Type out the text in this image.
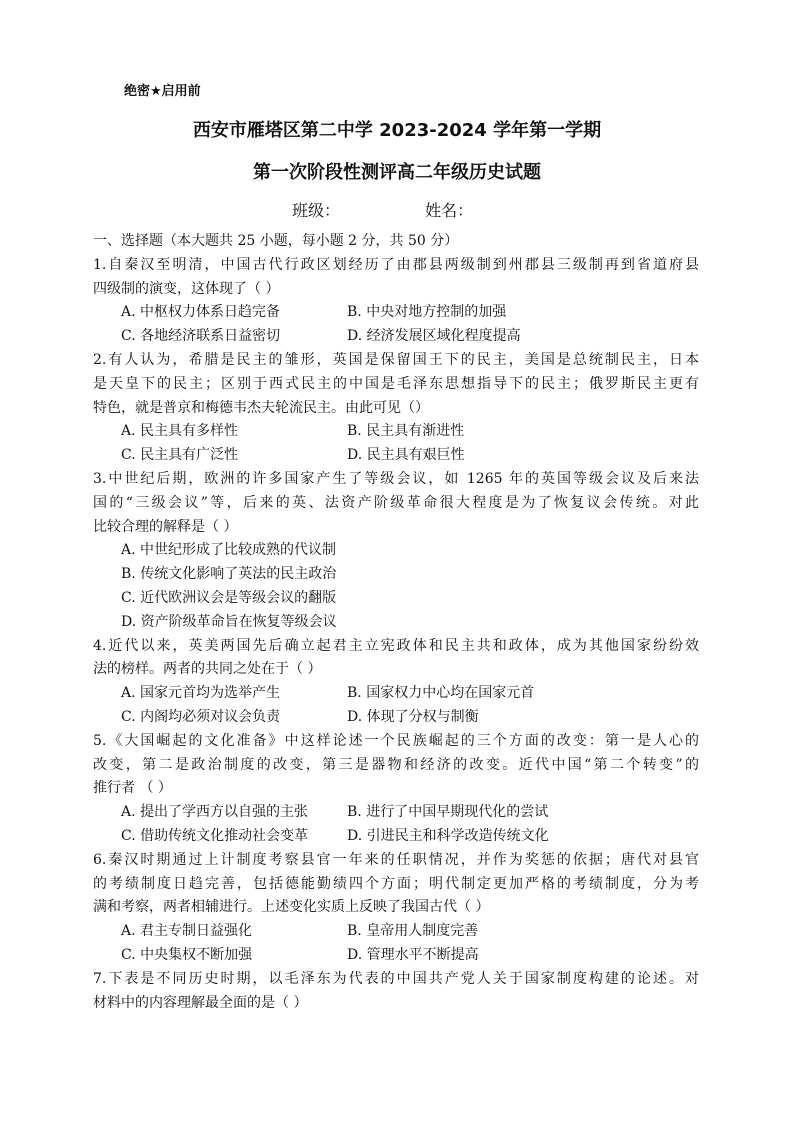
绝密★启用前
西安市雁塔区第二中学 2023-2024 学年第一学期
第一次阶段性测评高二年级历史试题
班级：	姓名：
一、选择题（本大题共 25 小题，每小题 2 分，共 50 分）
1.自秦汉至明清，中国古代行政区划经历了由郡县两级制到州郡县三级制再到省道府县
四级制的演变，这体现了（ ）
A. 中枢权力体系日趋完备	B. 中央对地方控制的加强
C. 各地经济联系日益密切	D. 经济发展区域化程度提高
2.有人认为，希腊是民主的雏形，英国是保留国王下的民主，美国是总统制民主，日本
是天皇下的民主；区别于西式民主的中国是毛泽东思想指导下的民主；俄罗斯民主更有
特色，就是普京和梅德韦杰夫轮流民主。由此可见（）
A. 民主具有多样性	B. 民主具有渐进性
C. 民主具有广泛性	D. 民主具有艰巨性
3.中世纪后期，欧洲的许多国家产生了等级会议，如 1265 年的英国等级会议及后来法
国的“三级会议”等，后来的英、法资产阶级革命很大程度是为了恢复议会传统。对此
比较合理的解释是（ ）
A. 中世纪形成了比较成熟的代议制
B. 传统文化影响了英法的民主政治
C. 近代欧洲议会是等级会议的翻版
D. 资产阶级革命旨在恢复等级会议
4.近代以来，英美两国先后确立起君主立宪政体和民主共和政体，成为其他国家纷纷效
法的榜样。两者的共同之处在于（ ）
A. 国家元首均为选举产生	B. 国家权力中心均在国家元首
C. 内阁均必须对议会负责	D. 体现了分权与制衡
5.《大国崛起的文化准备》中这样论述一个民族崛起的三个方面的改变：第一是人心的
改变，第二是政治制度的改变，第三是器物和经济的改变。近代中国“第二个转变”的
推行者 （ ）
A. 提出了学西方以自强的主张	B. 进行了中国早期现代化的尝试
C. 借助传统文化推动社会变革	D. 引进民主和科学改造传统文化
6.秦汉时期通过上计制度考察县官一年来的任职情况，并作为奖惩的依据；唐代对县官
的考绩制度日趋完善，包括德能勤绩四个方面；明代制定更加严格的考绩制度，分为考
满和考察，两者相辅进行。上述变化实质上反映了我国古代（ ）
A. 君主专制日益强化	B. 皇帝用人制度完善
C. 中央集权不断加强	D. 管理水平不断提高
7.下表是不同历史时期，以毛泽东为代表的中国共产党人关于国家制度构建的论述。对
材料中的内容理解最全面的是（ ）
